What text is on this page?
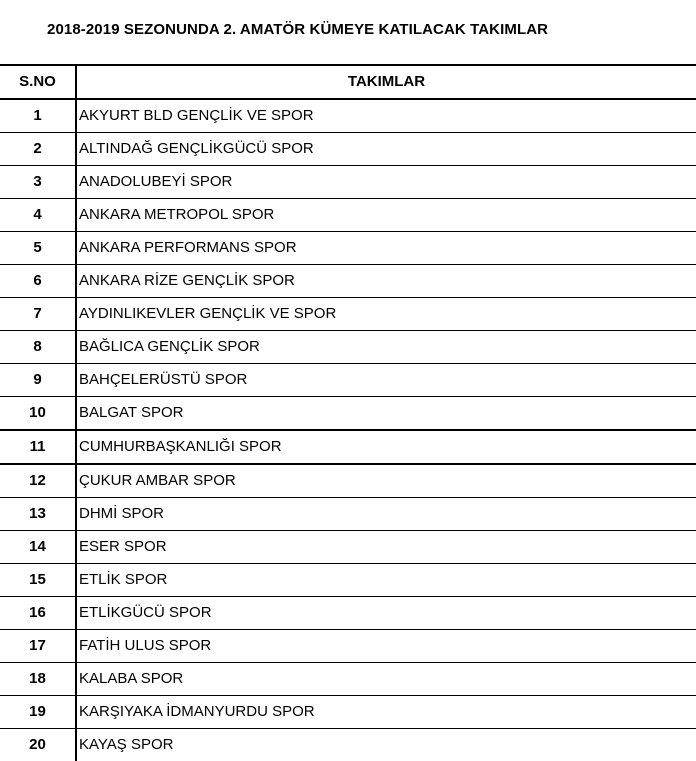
2018-2019 SEZONUNDA 2. AMATÖR KÜMEYE KATILACAK TAKIMLAR
S.NO	TAKIMLAR
1	AKYURT BLD GENÇLİK VE SPOR
2	ALTINDAĞ GENÇLİKGÜCÜ SPOR
3	ANADOLUBEYİ SPOR
4	ANKARA METROPOL SPOR
5	ANKARA PERFORMANS SPOR
6	ANKARA RİZE GENÇLİK SPOR
7	AYDINLIKEVLER GENÇLİK VE SPOR
8	BAĞLICA GENÇLİK SPOR
9	BAHÇELERÜSTÜ SPOR
10	BALGAT SPOR
11	CUMHURBAŞKANLIĞI SPOR
12	ÇUKUR AMBAR SPOR
13	DHMİ SPOR
14	ESER SPOR
15	ETLİK SPOR
16	ETLİKGÜCÜ SPOR
17	FATİH ULUS SPOR
18	KALABA SPOR
19	KARŞIYAKA İDMANYURDU SPOR
20	KAYAŞ SPOR
